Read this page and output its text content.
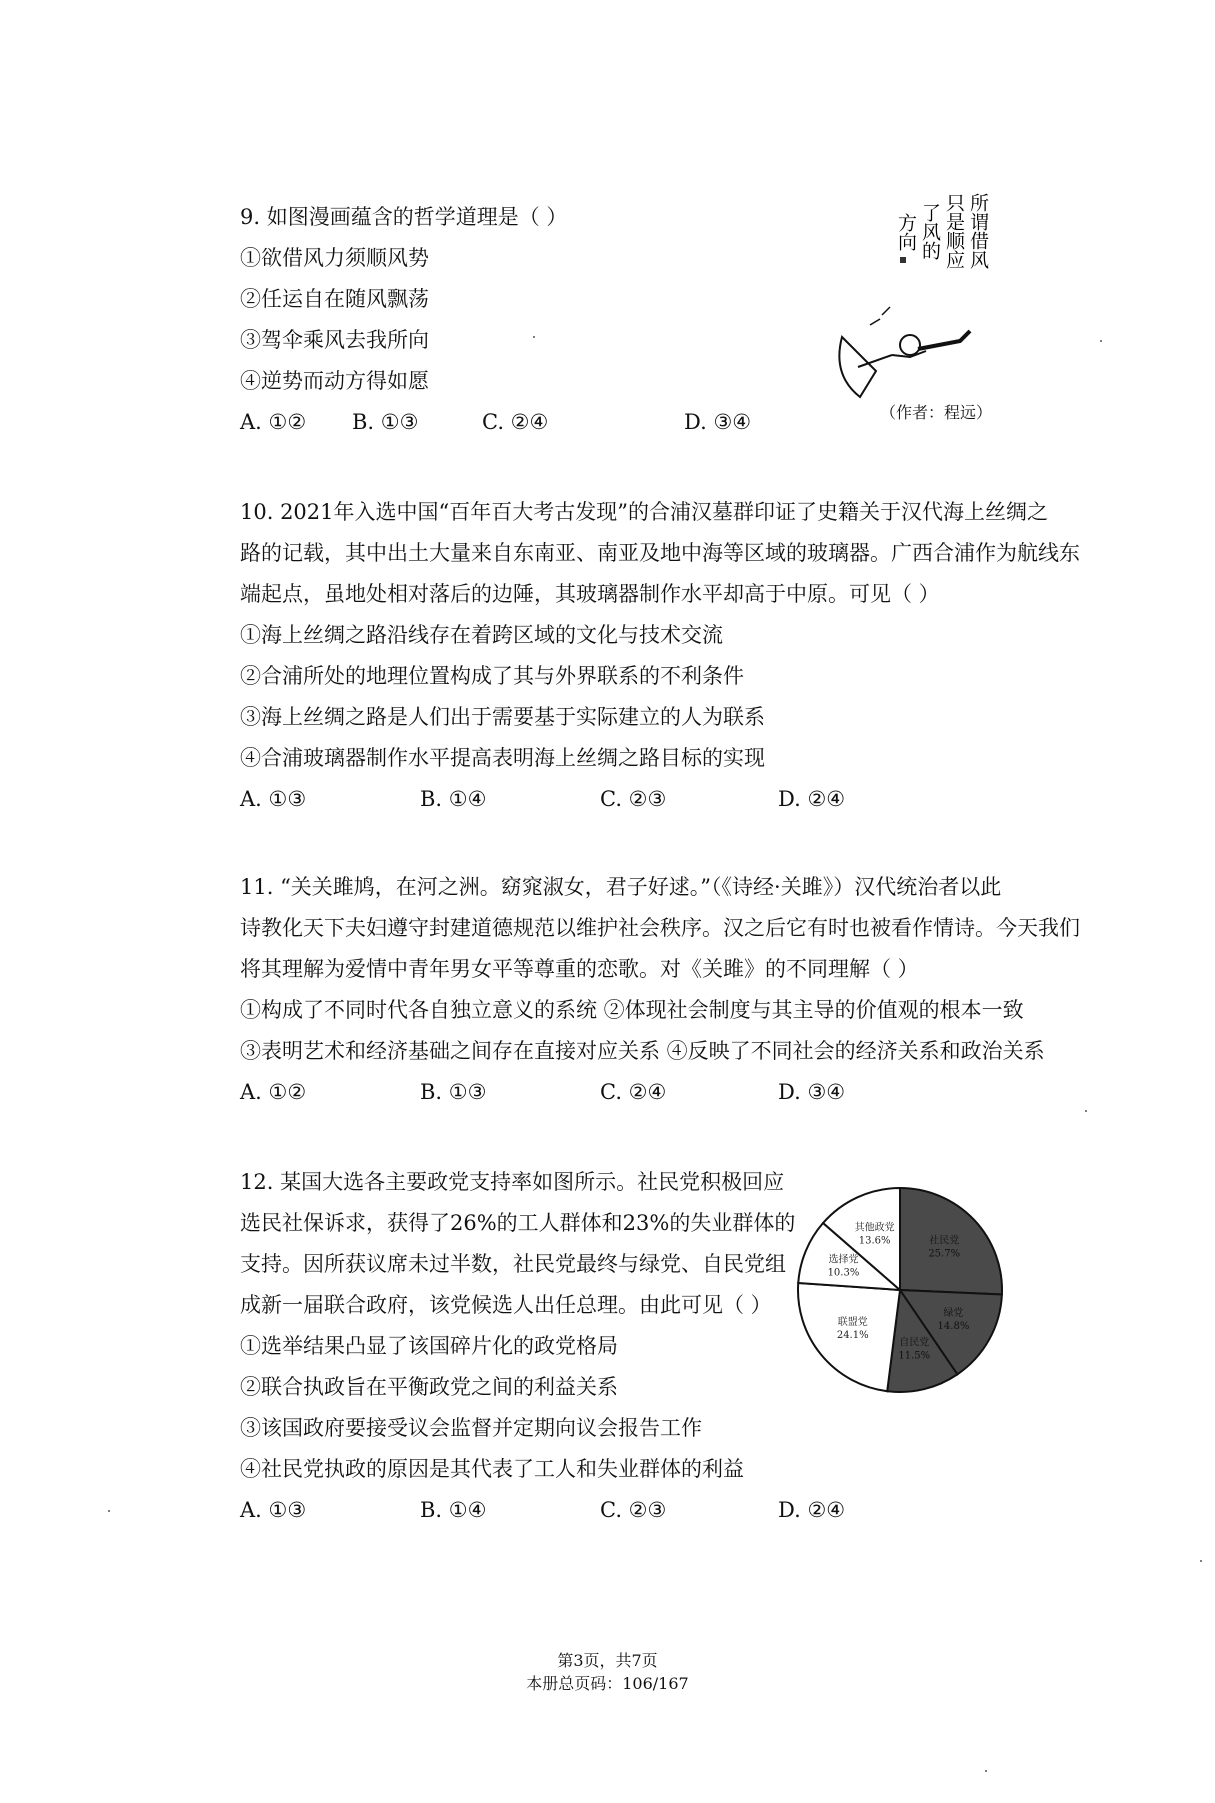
9. 如图漫画蕴含的哲学道理是（ ）
①欲借风力须顺风势
②任运自在随风飘荡
③驾伞乘风去我所向
④逆势而动方得如愿
A. ①② B. ①③	C. ②④	D. ③④
所谓借风
只是顺应
了风的
方向
（作者：程远）
10. 2021年入选中国“百年百大考古发现”的合浦汉墓群印证了史籍关于汉代海上丝绸之
路的记载，其中出土大量来自东南亚、南亚及地中海等区域的玻璃器。广西合浦作为航线东
端起点，虽地处相对落后的边陲，其玻璃器制作水平却高于中原。可见（ ）
①海上丝绸之路沿线存在着跨区域的文化与技术交流
②合浦所处的地理位置构成了其与外界联系的不利条件
③海上丝绸之路是人们出于需要基于实际建立的人为联系
④合浦玻璃器制作水平提高表明海上丝绸之路目标的实现
A. ①③	B. ①④	C. ②③	D. ②④
11. “关关雎鸠，在河之洲。窈窕淑女，君子好逑。”（《诗经·关雎》）汉代统治者以此
诗教化天下夫妇遵守封建道德规范以维护社会秩序。汉之后它有时也被看作情诗。今天我们
将其理解为爱情中青年男女平等尊重的恋歌。对《关雎》的不同理解（ ）
①构成了不同时代各自独立意义的系统 ②体现社会制度与其主导的价值观的根本一致
③表明艺术和经济基础之间存在直接对应关系 ④反映了不同社会的经济关系和政治关系
A. ①②	B. ①③	C. ②④	D. ③④
12. 某国大选各主要政党支持率如图所示。社民党积极回应
选民社保诉求，获得了26%的工人群体和23%的失业群体的
支持。因所获议席未过半数，社民党最终与绿党、自民党组
成新一届联合政府，该党候选人出任总理。由此可见（ ）
①选举结果凸显了该国碎片化的政党格局
②联合执政旨在平衡政党之间的利益关系
③该国政府要接受议会监督并定期向议会报告工作
④社民党执政的原因是其代表了工人和失业群体的利益
A. ①③	B. ①④	C. ②③	D. ②④
社民党
25.7%
绿党
14.8%
自民党
11.5%
联盟党
24.1%
选择党
10.3%
其他政党
13.6%
第3页，共7页
本册总页码：106/167
